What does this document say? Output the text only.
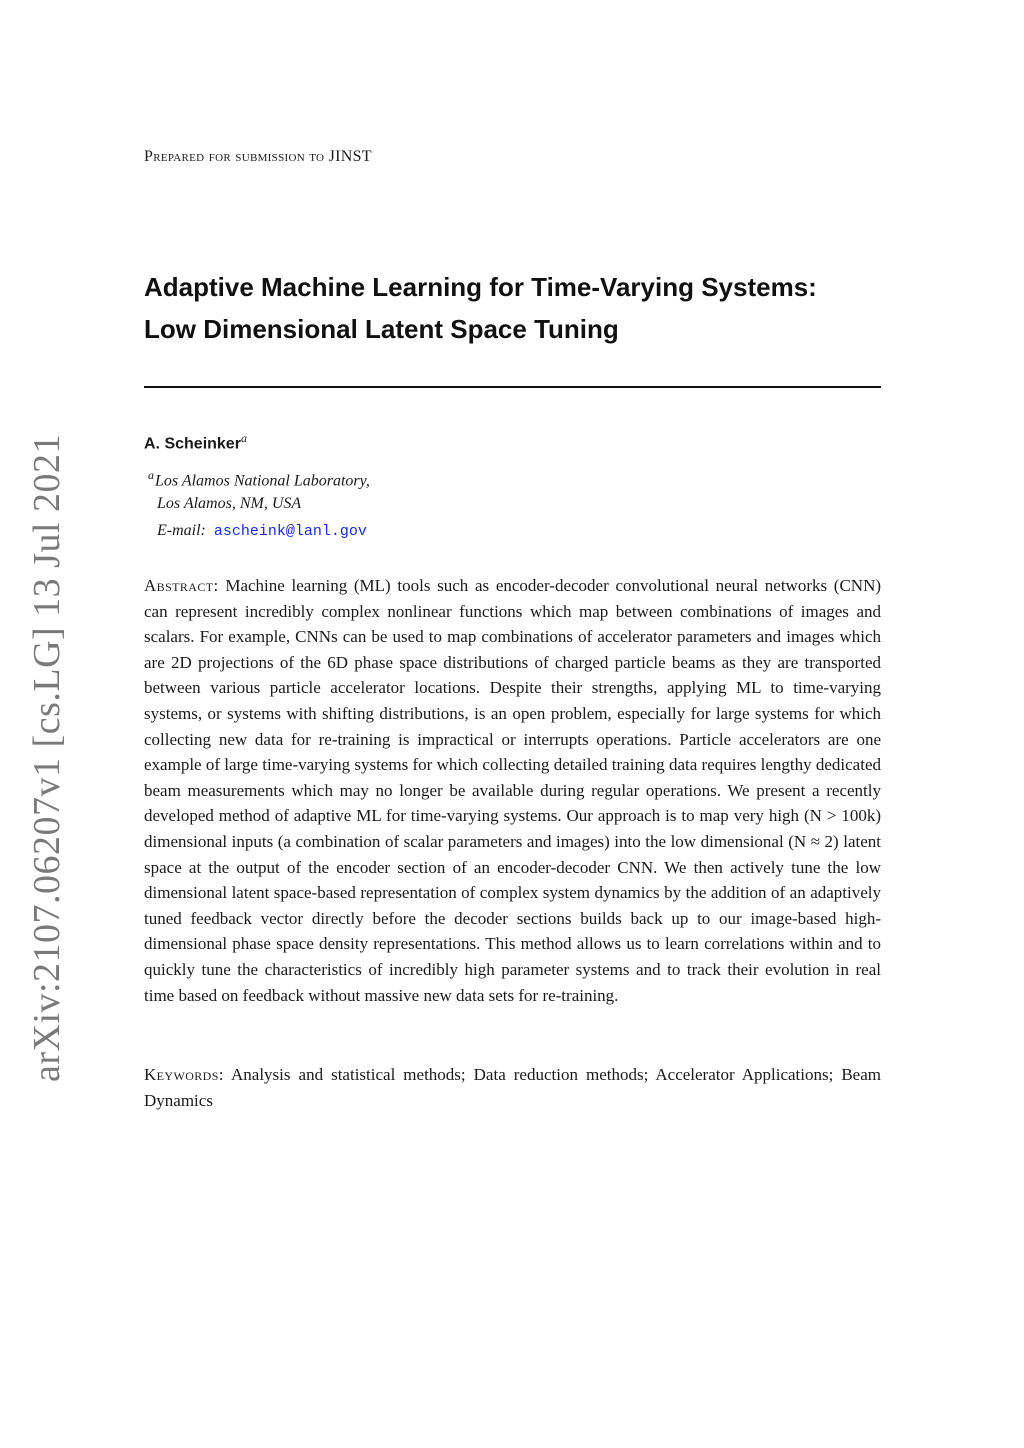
arXiv:2107.06207v1 [cs.LG] 13 Jul 2021
Prepared for submission to JINST
Adaptive Machine Learning for Time-Varying Systems:
Low Dimensional Latent Space Tuning
A. Scheinker$^a$
$^a$Los Alamos National Laboratory,
Los Alamos, NM, USA
E-mail: ascheink@lanl.gov
Abstract: Machine learning (ML) tools such as encoder-decoder convolutional neural networks (CNN) can represent incredibly complex nonlinear functions which map between combinations of images and scalars. For example, CNNs can be used to map combinations of accelerator parameters and images which are 2D projections of the 6D phase space distributions of charged particle beams as they are transported between various particle accelerator locations. Despite their strengths, applying ML to time-varying systems, or systems with shifting distributions, is an open problem, especially for large systems for which collecting new data for re-training is impractical or interrupts operations. Particle accelerators are one example of large time-varying systems for which collecting detailed training data requires lengthy dedicated beam measurements which may no longer be available during regular operations. We present a recently developed method of adaptive ML for time-varying systems. Our approach is to map very high (N > 100k) dimensional inputs (a combination of scalar parameters and images) into the low dimensional (N ≈ 2) latent space at the output of the encoder section of an encoder-decoder CNN. We then actively tune the low dimensional latent space-based representation of complex system dynamics by the addition of an adaptively tuned feedback vector directly before the decoder sections builds back up to our image-based high-dimensional phase space density representations. This method allows us to learn correlations within and to quickly tune the characteristics of incredibly high parameter systems and to track their evolution in real time based on feedback without massive new data sets for re-training.
Keywords: Analysis and statistical methods; Data reduction methods; Accelerator Applications; Beam Dynamics
